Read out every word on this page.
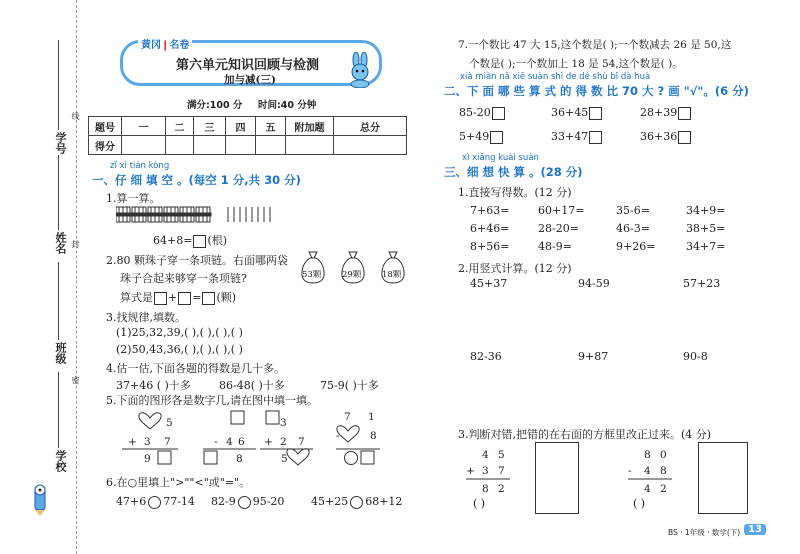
学号
线
姓名 封
班级
密
学校
黄冈❙名卷
第六单元知识回顾与检测
加与减(三)
满分:100 分 时间:40 分钟
题号	一	二	三	四	五	附加题	总分
得分							
zǐ xì tián kòng
一、仔 细 填 空 。(每空 1 分,共 30 分)
1.算一算。
64+8= (根)
2.80 颗珠子穿一条项链。右面哪两袋
珠子合起来够穿一条项链?
算式是 + = (颗)
53颗 29颗 18颗
3.找规律,填数。
(1)25,32,39,( ),( ),( ),( )
(2)50,43,36,( ),( ),( ),( )
4.估一估,下面各题的得数是几十多。
37+46 ( )十多	86-48( )十多	75-9( )十多
5.下面的图形各是数字几,请在图中填一填。
5
+ 3 7
9
- 4 6
8
3
+ 2 7
5
7 1
-	8
6.在○里填上">""<"或"="。
47+6 77-14 82-9 95-20 45+25 68+12
7.一个数比 47 大 15,这个数是( );一个数减去 26 是 50,这
个数是( );一个数加上 18 是 54,这个数是( )。
xià miàn nǎ xiē suàn shì de dé shù bǐ dà huà
二、下 面 哪 些 算 式 的 得 数 比 70 大 ? 画 "√"。(6 分)
85-20	36+45	28+39
5+49	33+47	36+36
xì xiǎng kuài suàn
三、细 想 快 算 。(28 分)
1.直接写得数。(12 分)
7+63=	60+17=	35-6=	34+9=
6+46=	28-20=	46-3=	38+5=
8+56=	48-9=	9+26=	34+7=
2.用竖式计算。(12 分)
45+37	94-59	57+23
82-36	9+87	90-8
3.判断对错,把错的在右面的方框里改正过来。(4 分)
4 5
+ 3 7
8 2
( )
8 0
- 4 8
4 2
( )
BS · 1年级 · 数学(下) 13
